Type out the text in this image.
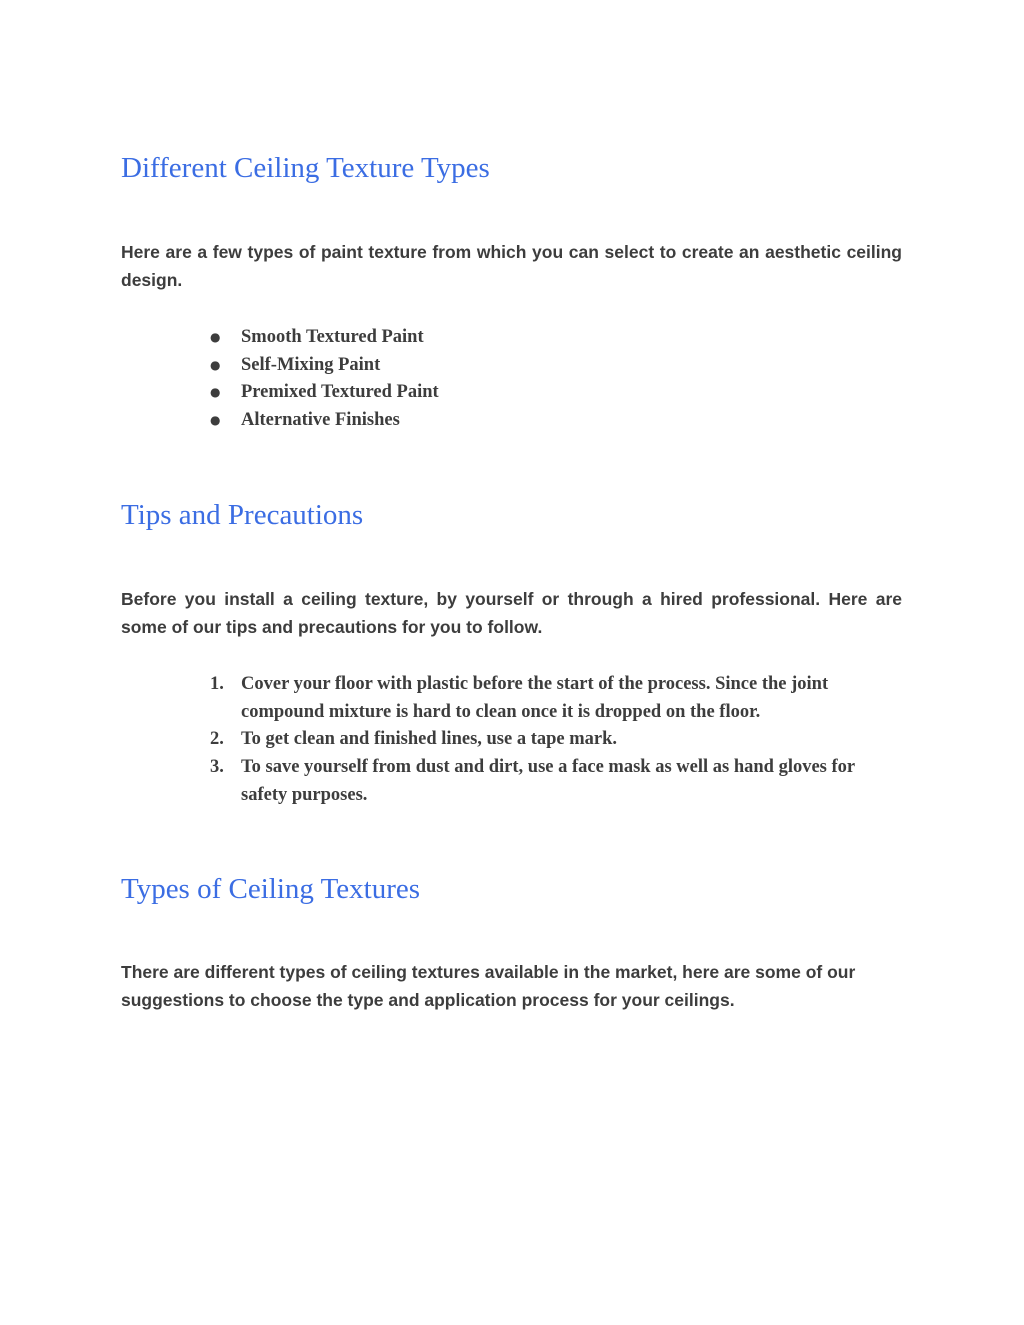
Different Ceiling Texture Types

Here are a few types of paint texture from which you can select to create an aesthetic ceiling design.

●	Smooth Textured Paint
●	Self-Mixing Paint
●	Premixed Textured Paint
●	Alternative Finishes
Tips and Precautions

Before you install a ceiling texture, by yourself or through a hired professional. Here are some of our tips and precautions for you to follow.

1. Cover your floor with plastic before the start of the process. Since the joint compound mixture is hard to clean once it is dropped on the floor.
2. To get clean and finished lines, use a tape mark.
3. To save yourself from dust and dirt, use a face mask as well as hand gloves for safety purposes.
Types of Ceiling Textures

There are different types of ceiling textures available in the market, here are some of our suggestions to choose the type and application process for your ceilings.
